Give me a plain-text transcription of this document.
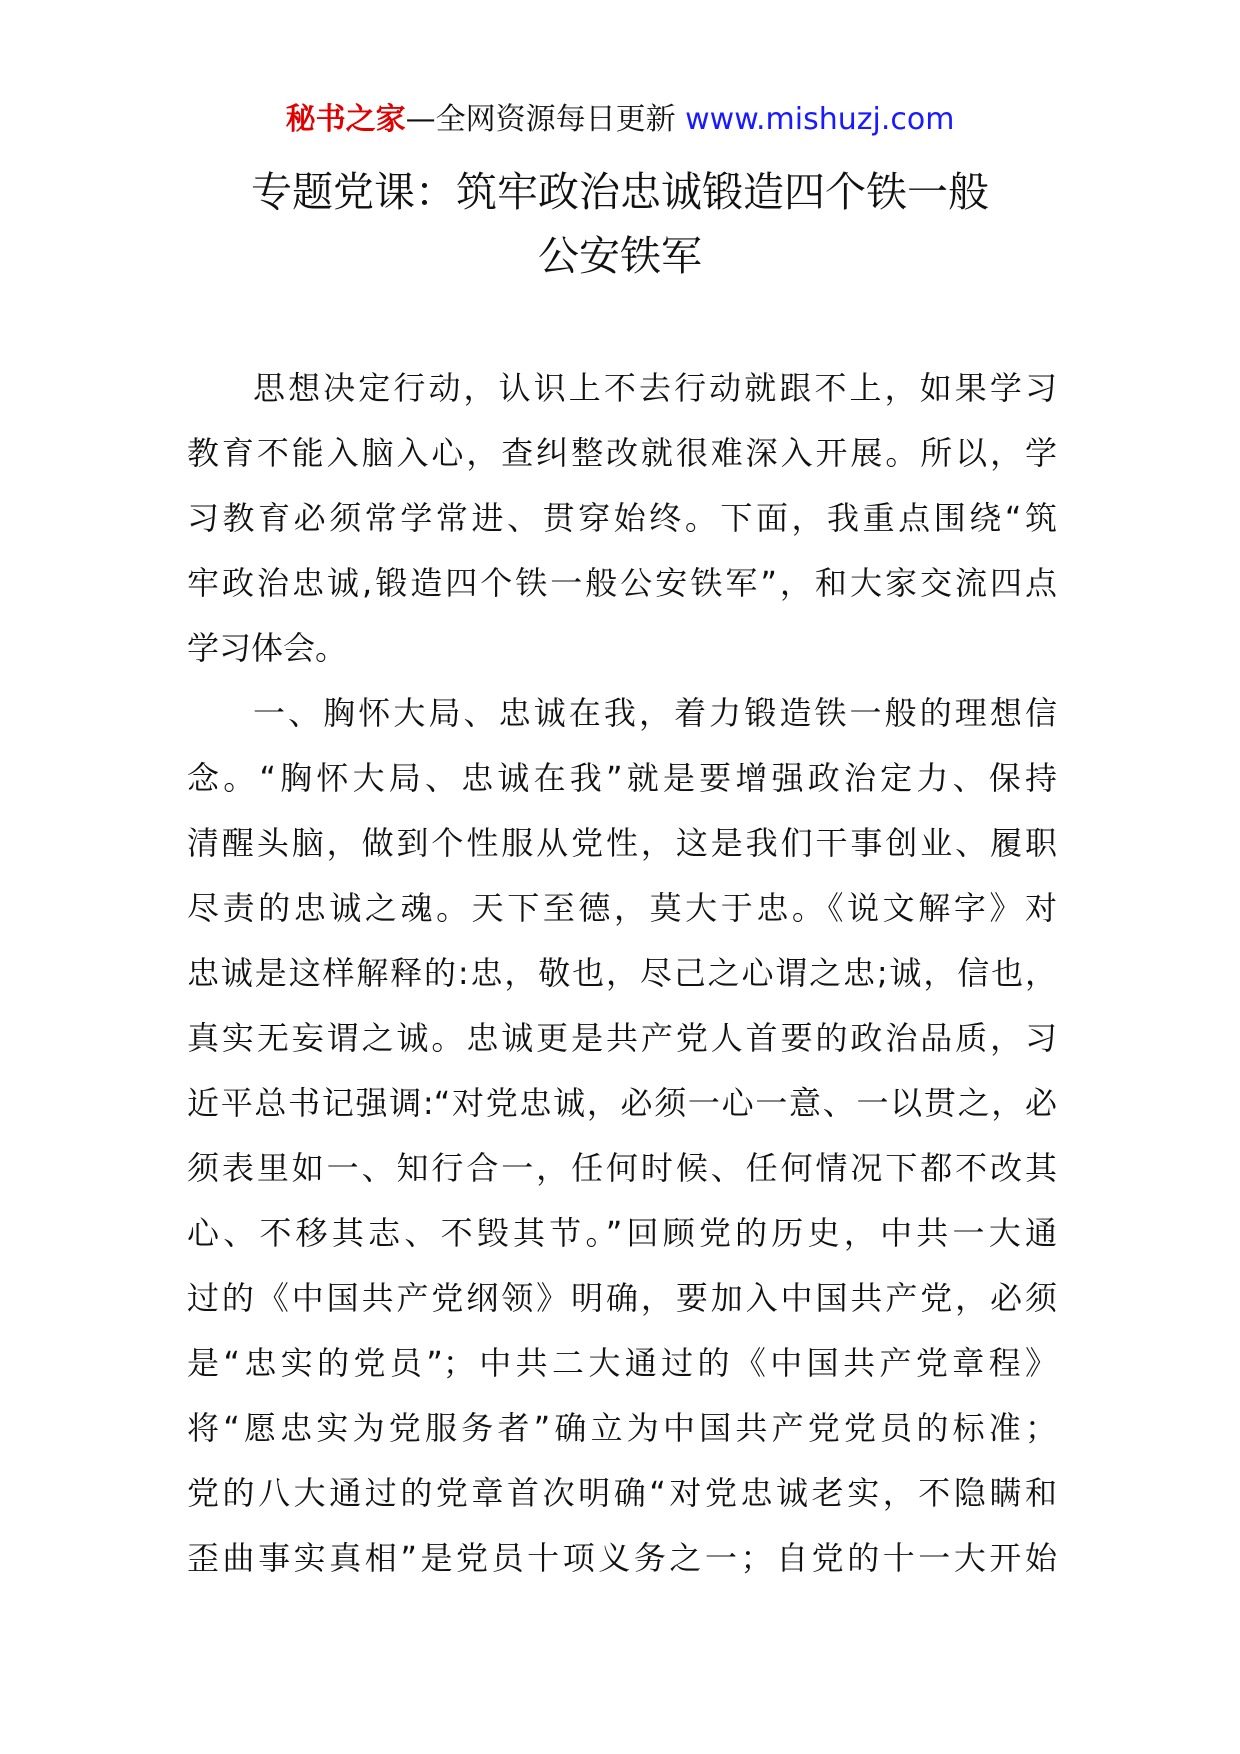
秘书之家—全网资源每日更新 www.mishuzj.com
专题党课：筑牢政治忠诚锻造四个铁一般
公安铁军

思想决定行动，认识上不去行动就跟不上，如果学习
教育不能入脑入心，查纠整改就很难深入开展。所以，学
习教育必须常学常进、贯穿始终。下面，我重点围绕“筑
牢政治忠诚,锻造四个铁一般公安铁军”，和大家交流四点
学习体会。

一、胸怀大局、忠诚在我，着力锻造铁一般的理想信
念。“胸怀大局、忠诚在我”就是要增强政治定力、保持
清醒头脑，做到个性服从党性，这是我们干事创业、履职
尽责的忠诚之魂。天下至德，莫大于忠。《说文解字》对
忠诚是这样解释的:忠，敬也，尽己之心谓之忠;诚，信也，
真实无妄谓之诚。忠诚更是共产党人首要的政治品质，习
近平总书记强调:“对党忠诚，必须一心一意、一以贯之，必
须表里如一、知行合一，任何时候、任何情况下都不改其
心、不移其志、不毁其节。”回顾党的历史，中共一大通
过的《中国共产党纲领》明确，要加入中国共产党，必须
是“忠实的党员”；中共二大通过的《中国共产党章程》
将“愿忠实为党服务者”确立为中国共产党党员的标准；
党的八大通过的党章首次明确“对党忠诚老实，不隐瞒和
歪曲事实真相”是党员十项义务之一；自党的十一大开始
